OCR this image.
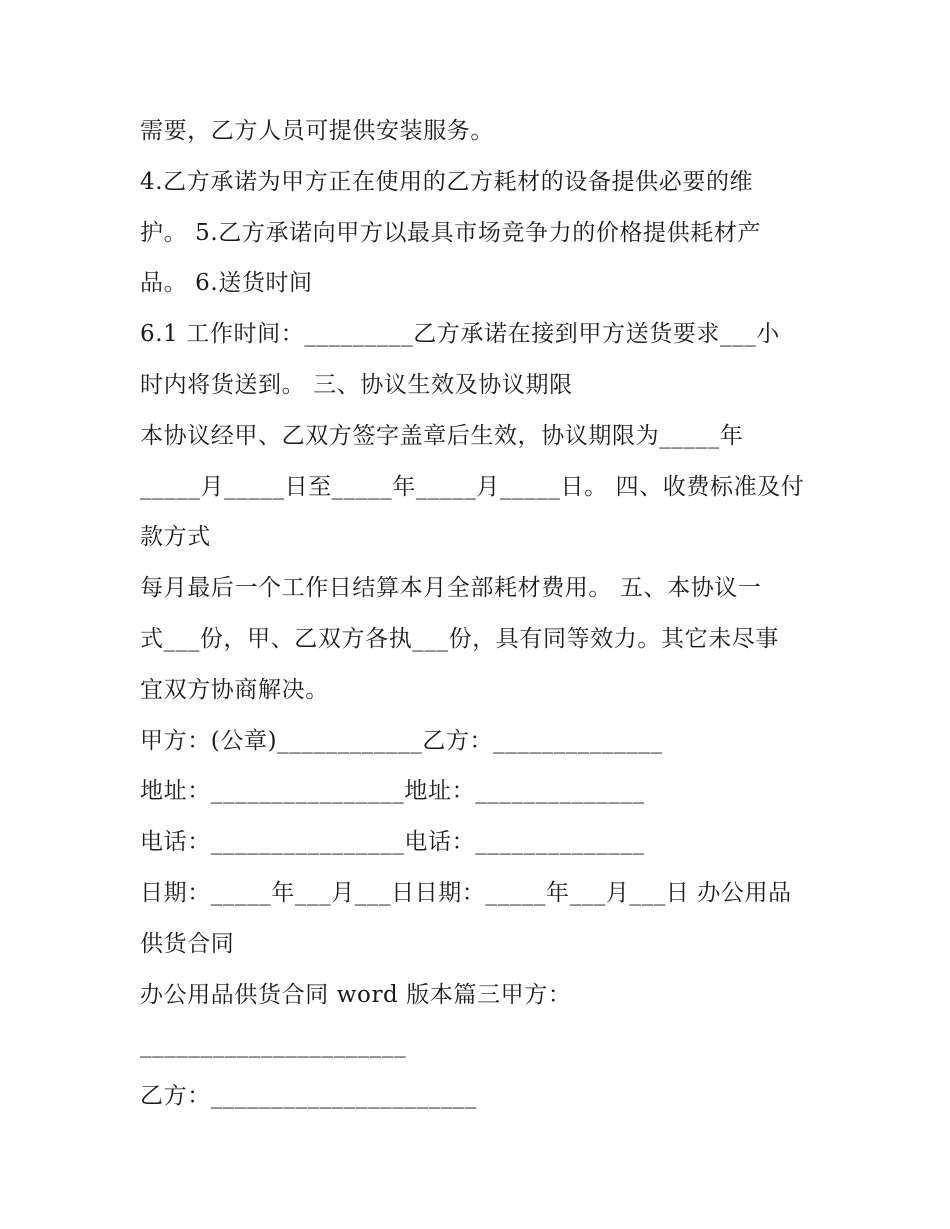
需要，乙方人员可提供安装服务。
4.乙方承诺为甲方正在使用的乙方耗材的设备提供必要的维
护。 5.乙方承诺向甲方以最具市场竞争力的价格提供耗材产
品。 6.送货时间
6.1 工作时间：_________乙方承诺在接到甲方送货要求___小
时内将货送到。 三、协议生效及协议期限
本协议经甲、乙双方签字盖章后生效，协议期限为_____年
_____月_____日至_____年_____月_____日。 四、收费标准及付
款方式
每月最后一个工作日结算本月全部耗材费用。 五、本协议一
式___份，甲、乙双方各执___份，具有同等效力。其它未尽事
宜双方协商解决。
甲方：(公章)____________乙方：______________
地址：________________地址：______________
电话：________________电话：______________
日期：_____年___月___日日期：_____年___月___日 办公用品
供货合同
办公用品供货合同 word 版本篇三甲方：
______________________
乙方：______________________
